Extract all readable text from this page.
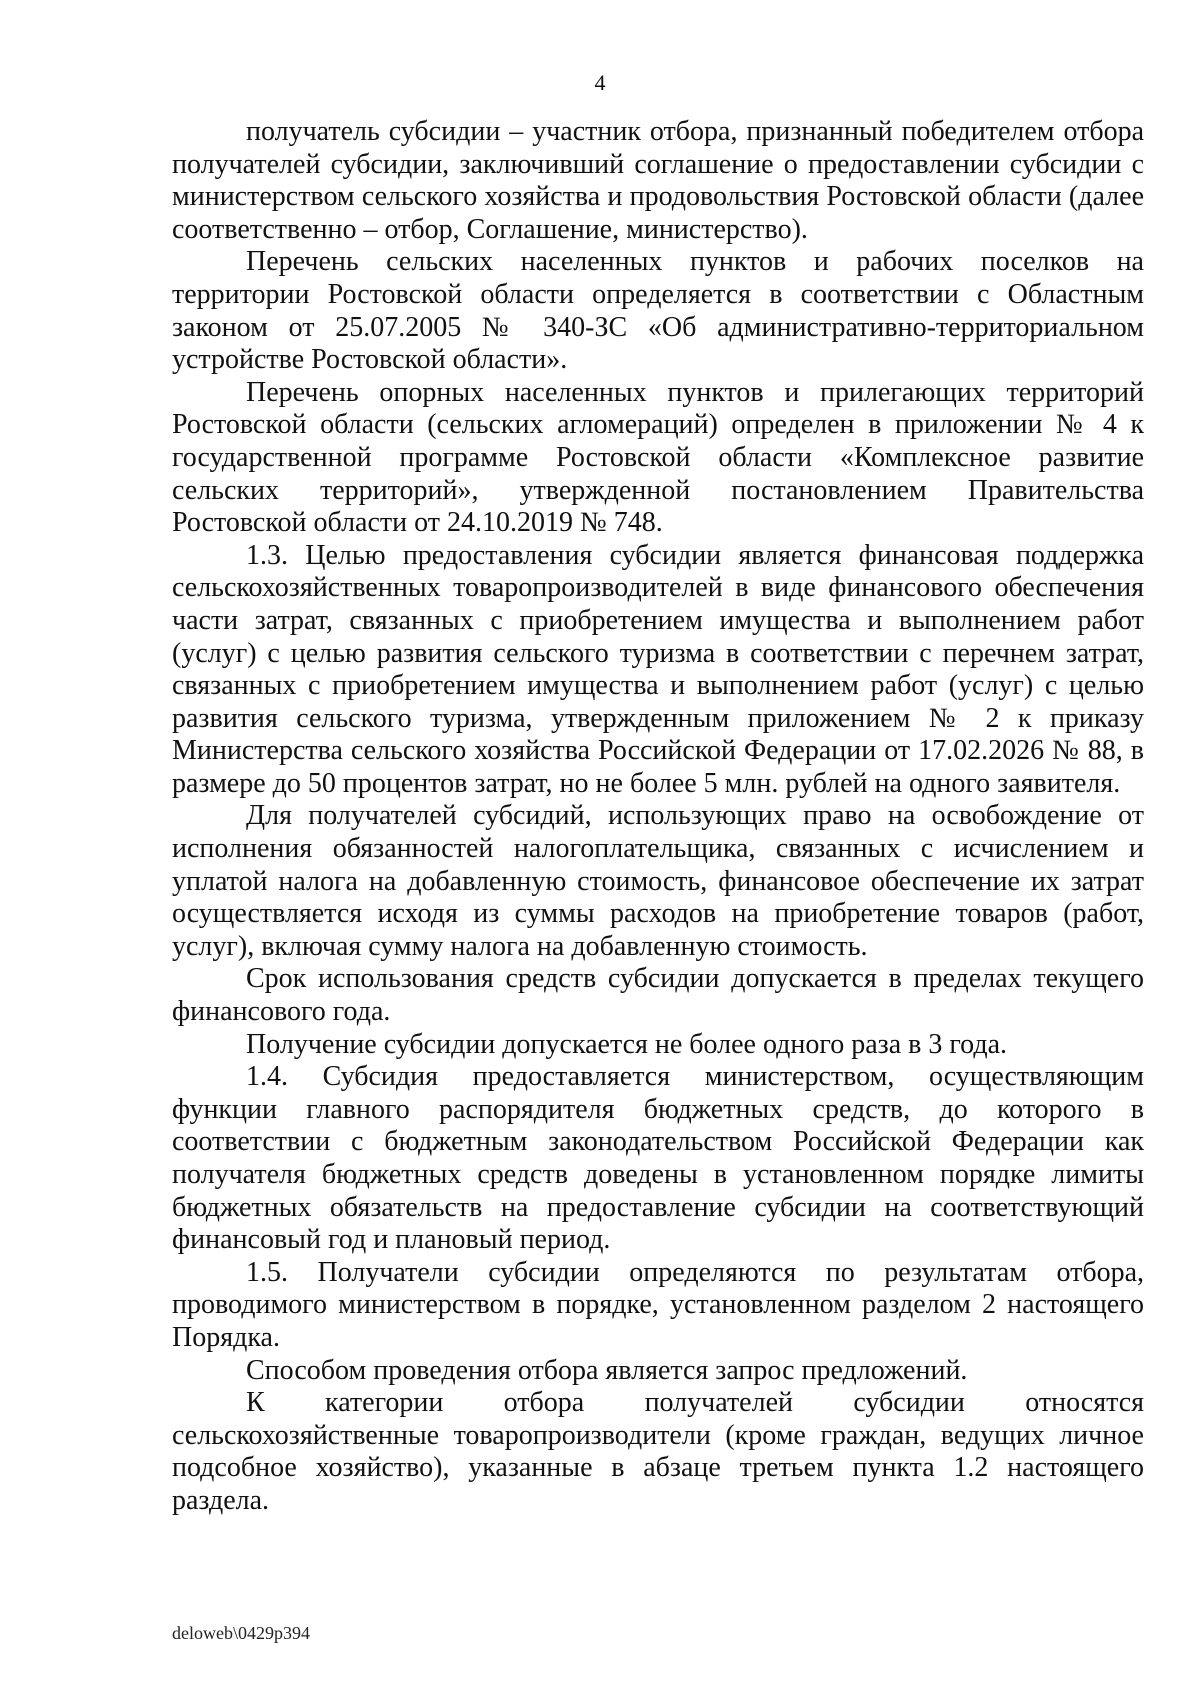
4

получатель субсидии – участник отбора, признанный победителем отбора получателей субсидии, заключивший соглашение о предоставлении субсидии с министерством сельского хозяйства и продовольствия Ростовской области (далее соответственно – отбор, Соглашение, министерство).

Перечень сельских населенных пунктов и рабочих поселков на территории Ростовской области определяется в соответствии с Областным законом от 25.07.2005 № 340-ЗС «Об административно-территориальном устройстве Ростовской области».

Перечень опорных населенных пунктов и прилегающих территорий Ростовской области (сельских агломераций) определен в приложении № 4 к государственной программе Ростовской области «Комплексное развитие сельских территорий», утвержденной постановлением Правительства Ростовской области от 24.10.2019 № 748.

1.3. Целью предоставления субсидии является финансовая поддержка сельскохозяйственных товаропроизводителей в виде финансового обеспечения части затрат, связанных с приобретением имущества и выполнением работ (услуг) с целью развития сельского туризма в соответствии с перечнем затрат, связанных с приобретением имущества и выполнением работ (услуг) с целью развития сельского туризма, утвержденным приложением № 2 к приказу Министерства сельского хозяйства Российской Федерации от 17.02.2026 № 88, в размере до 50 процентов затрат, но не более 5 млн. рублей на одного заявителя.

Для получателей субсидий, использующих право на освобождение от исполнения обязанностей налогоплательщика, связанных с исчислением и уплатой налога на добавленную стоимость, финансовое обеспечение их затрат осуществляется исходя из суммы расходов на приобретение товаров (работ, услуг), включая сумму налога на добавленную стоимость.

Срок использования средств субсидии допускается в пределах текущего финансового года.

Получение субсидии допускается не более одного раза в 3 года.

1.4. Субсидия предоставляется министерством, осуществляющим функции главного распорядителя бюджетных средств, до которого в соответствии с бюджетным законодательством Российской Федерации как получателя бюджетных средств доведены в установленном порядке лимиты бюджетных обязательств на предоставление субсидии на соответствующий финансовый год и плановый период.

1.5. Получатели субсидии определяются по результатам отбора, проводимого министерством в порядке, установленном разделом 2 настоящего Порядка.

Способом проведения отбора является запрос предложений.

К категории отбора получателей субсидии относятся сельскохозяйственные товаропроизводители (кроме граждан, ведущих личное подсобное хозяйство), указанные в абзаце третьем пункта 1.2 настоящего раздела.

deloweb\0429p394
